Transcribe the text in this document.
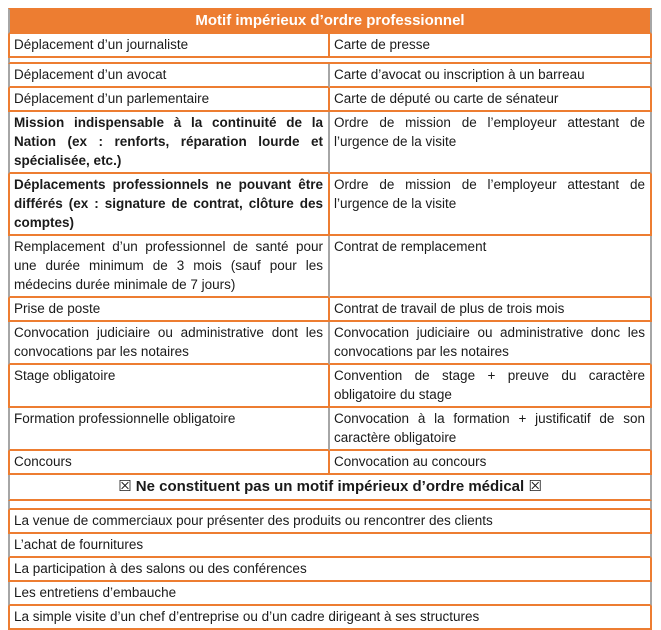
Motif impérieux d’ordre professionnel	
Déplacement d’un journaliste	Carte de presse

Déplacement d’un avocat	Carte d’avocat ou inscription à un barreau
Déplacement d’un parlementaire	Carte de député ou carte de sénateur
Mission indispensable à la continuité de la Nation (ex : renforts, réparation lourde et spécialisée, etc.)	Ordre de mission de l’employeur attestant de l’urgence de la visite
Déplacements professionnels ne pouvant être différés (ex : signature de contrat, clôture des comptes)	Ordre de mission de l’employeur attestant de l’urgence de la visite
Remplacement d’un professionnel de santé pour une durée minimum de 3 mois (sauf pour les médecins durée minimale de 7 jours)	Contrat de remplacement
Prise de poste	Contrat de travail de plus de trois mois
Convocation judiciaire ou administrative dont les convocations par les notaires	Convocation judiciaire ou administrative donc les convocations par les notaires
Stage obligatoire	Convention de stage + preuve du caractère obligatoire du stage
Formation professionnelle obligatoire	Convocation à la formation + justificatif de son caractère obligatoire
Concours	Convocation au concours
☒ Ne constituent pas un motif impérieux d’ordre médical ☒	

La venue de commerciaux pour présenter des produits ou rencontrer des clients	
L’achat de fournitures	
La participation à des salons ou des conférences	
Les entretiens d’embauche	
La simple visite d’un chef d’entreprise ou d’un cadre dirigeant à ses structures	
